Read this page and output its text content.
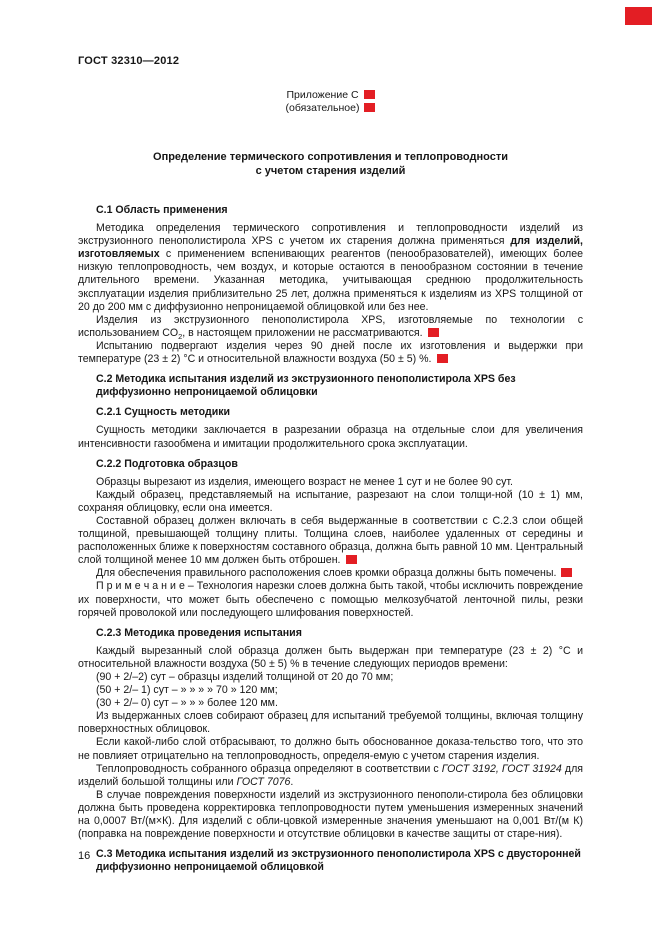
ГОСТ 32310—2012
Приложение С
(обязательное)
Определение термического сопротивления и теплопроводности
с учетом старения изделий

С.1 Область применения

Методика определения термического сопротивления и теплопроводности изделий из экструзионного пенополистирола XPS с учетом их старения должна применяться для изделий, изготовляемых с применением вспенивающих реагентов (пенообразователей), имеющих более низкую теплопроводность, чем воздух, и которые остаются в пенообразном состоянии в течение длительного времени. Указанная методика, учитывающая среднюю продолжительность эксплуатации изделия приблизительно 25 лет, должна применяться к изделиям из XPS толщиной от 20 до 200 мм с диффузионно непроницаемой облицовкой или без нее.

Изделия из экструзионного пенополистирола XPS, изготовляемые по технологии с использованием $CO_2$, в настоящем приложении не рассматриваются.

Испытанию подвергают изделия через 90 дней после их изготовления и выдержки при температуре (23 ± 2) °С и относительной влажности воздуха (50 ± 5) %.

С.2 Методика испытания изделий из экструзионного пенополистирола XPS без диффузионно непроницаемой облицовки

С.2.1 Сущность методики

Сущность методики заключается в разрезании образца на отдельные слои для увеличения интенсивности газообмена и имитации продолжительного срока эксплуатации.

С.2.2 Подготовка образцов

Образцы вырезают из изделия, имеющего возраст не менее 1 сут и не более 90 сут.

Каждый образец, представляемый на испытание, разрезают на слои толщи-ной (10 ± 1) мм, сохраняя облицовку, если она имеется.

Составной образец должен включать в себя выдержанные в соответствии с С.2.3 слои общей толщиной, превышающей толщину плиты. Толщина слоев, наиболее удаленных от середины и расположенных ближе к поверхностям составного образца, должна быть равной 10 мм. Центральный слой толщиной менее 10 мм должен быть отброшен.

Для обеспечения правильного расположения слоев кромки образца должны быть помечены.

П р и м е ч а н и е – Технология нарезки слоев должна быть такой, чтобы исключить повреждение их поверхности, что может быть обеспечено с помощью мелкозубчатой ленточной пилы, резки горячей проволокой или последующего шлифования поверхностей.

С.2.3 Методика проведения испытания

Каждый вырезанный слой образца должен быть выдержан при температуре (23 ± 2) °С и относительной влажности воздуха (50 ± 5) % в течение следующих периодов времени:

(90 + 2/–2) сут – образцы изделий толщиной от 20 до 70 мм;

(50 + 2/– 1) сут – » » » » 70 » 120 мм;

(30 + 2/– 0) сут – » » » более 120 мм.

Из выдержанных слоев собирают образец для испытаний требуемой толщины, включая толщину поверхностных облицовок.

Если какой-либо слой отбрасывают, то должно быть обоснованное доказа-тельство того, что это не повлияет отрицательно на теплопроводность, определя-емую с учетом старения изделия.

Теплопроводность собранного образца определяют в соответствии с ГОСТ 3192, ГОСТ 31924 для изделий большой толщины или ГОСТ 7076.

В случае повреждения поверхности изделий из экструзионного пенополи-стирола без облицовки должна быть проведена корректировка теплопроводности путем уменьшения измеренных значений на 0,0007 Вт/(м×К). Для изделий с обли-цовкой измеренные значения уменьшают на 0,001 Вт/(м К) (поправка на повреждение поверхности и отсутствие облицовки в качестве защиты от старе-ния).

С.3 Методика испытания изделий из экструзионного пенополистирола XPS с двусторонней диффузионно непроницаемой облицовкой

16
